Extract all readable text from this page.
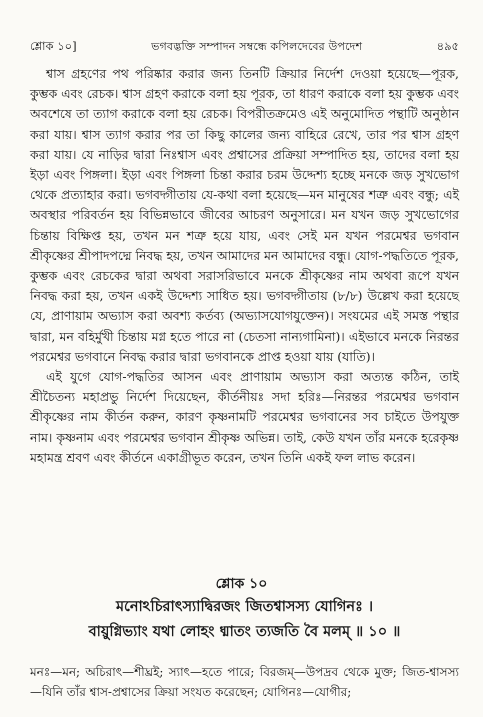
শ্লোক ১০]	ভগবদ্ভক্তি সম্পাদন সম্বন্ধে কপিলদেবের উপদেশ	৪৯৫

শ্বাস গ্রহণের পথ পরিষ্কার করার জন্য তিনটি ক্রিয়ার নির্দেশ দেওয়া হয়েছে—পূরক, কুম্ভক এবং রেচক। শ্বাস গ্রহণ করাকে বলা হয় পূরক, তা ধারণ করাকে বলা হয় কুম্ভক এবং অবশেষে তা ত্যাগ করাকে বলা হয় রেচক। বিপরীতক্রমেও এই অনুমোদিত পন্থাটি অনুষ্ঠান করা যায়। শ্বাস ত্যাগ করার পর তা কিছু কালের জন্য বাহিরে রেখে, তার পর শ্বাস গ্রহণ করা যায়। যে নাড়ির দ্বারা নিঃশ্বাস এবং প্রশ্বাসের প্রক্রিয়া সম্পাদিত হয়, তাদের বলা হয় ইড়া এবং পিঙ্গলা। ইড়া এবং পিঙ্গলা চিন্তা করার চরম উদ্দেশ্য হচ্ছে মনকে জড় সুখভোগ থেকে প্রত্যাহার করা। ভগবদ্গীতায় যে-কথা বলা হয়েছে—মন মানুষের শত্রু এবং বন্ধু; এই অবস্থার পরিবর্তন হয় বিভিন্নভাবে জীবের আচরণ অনুসারে। মন যখন জড় সুখভোগের চিন্তায় বিক্ষিপ্ত হয়, তখন মন শত্রু হয়ে যায়, এবং সেই মন যখন পরমেশ্বর ভগবান শ্রীকৃষ্ণের শ্রীপাদপদ্মে নিবদ্ধ হয়, তখন আমাদের মন আমাদের বন্ধু। যোগ-পদ্ধতিতে পূরক, কুম্ভক এবং রেচকের দ্বারা অথবা সরাসরিভাবে মনকে শ্রীকৃষ্ণের নাম অথবা রূপে যখন নিবদ্ধ করা হয়, তখন একই উদ্দেশ্য সাধিত হয়। ভগবদ্গীতায় (৮/৮) উল্লেখ করা হয়েছে যে, প্রাণায়াম অভ্যাস করা অবশ্য কর্তব্য (অভ্যাসযোগযুক্তেন)। সংযমের এই সমস্ত পন্থার দ্বারা, মন বহির্মুখী চিন্তায় মগ্ন হতে পারে না (চেতসা নান্যগামিনা)। এইভাবে মনকে নিরন্তর পরমেশ্বর ভগবানে নিবদ্ধ করার দ্বারা ভগবানকে প্রাপ্ত হওয়া যায় (যাতি)।

এই যুগে যোগ-পদ্ধতির আসন এবং প্রাণায়াম অভ্যাস করা অত্যন্ত কঠিন, তাই শ্রীচৈতন্য মহাপ্রভু নির্দেশ দিয়েছেন, কীর্তনীয়ঃ সদা হরিঃ—নিরন্তর পরমেশ্বর ভগবান শ্রীকৃষ্ণের নাম কীর্তন করুন, কারণ কৃষ্ণনামটি পরমেশ্বর ভগবানের সব চাইতে উপযুক্ত নাম। কৃষ্ণনাম এবং পরমেশ্বর ভগবান শ্রীকৃষ্ণ অভিন্ন। তাই, কেউ যখন তাঁর মনকে হরেকৃষ্ণ মহামন্ত্র শ্রবণ এবং কীর্তনে একাগ্রীভূত করেন, তখন তিনি একই ফল লাভ করেন।

শ্লোক ১০
মনোঽচিরাৎস্যাদ্বিরজং জিতশ্বাসস্য যোগিনঃ ।
বায়ুগ্নিভ্যাং যথা লোহং ধ্মাতং ত্যজতি বৈ মলম্ ॥ ১০ ॥
মনঃ—মন; অচিরাৎ—শীঘ্রই; স্যাৎ—হতে পারে; বিরজম্—উপদ্রব থেকে মুক্ত; জিত-শ্বাসস্য—যিনি তাঁর শ্বাস-প্রশ্বাসের ক্রিয়া সংযত করেছেন; যোগিনঃ—যোগীর;
